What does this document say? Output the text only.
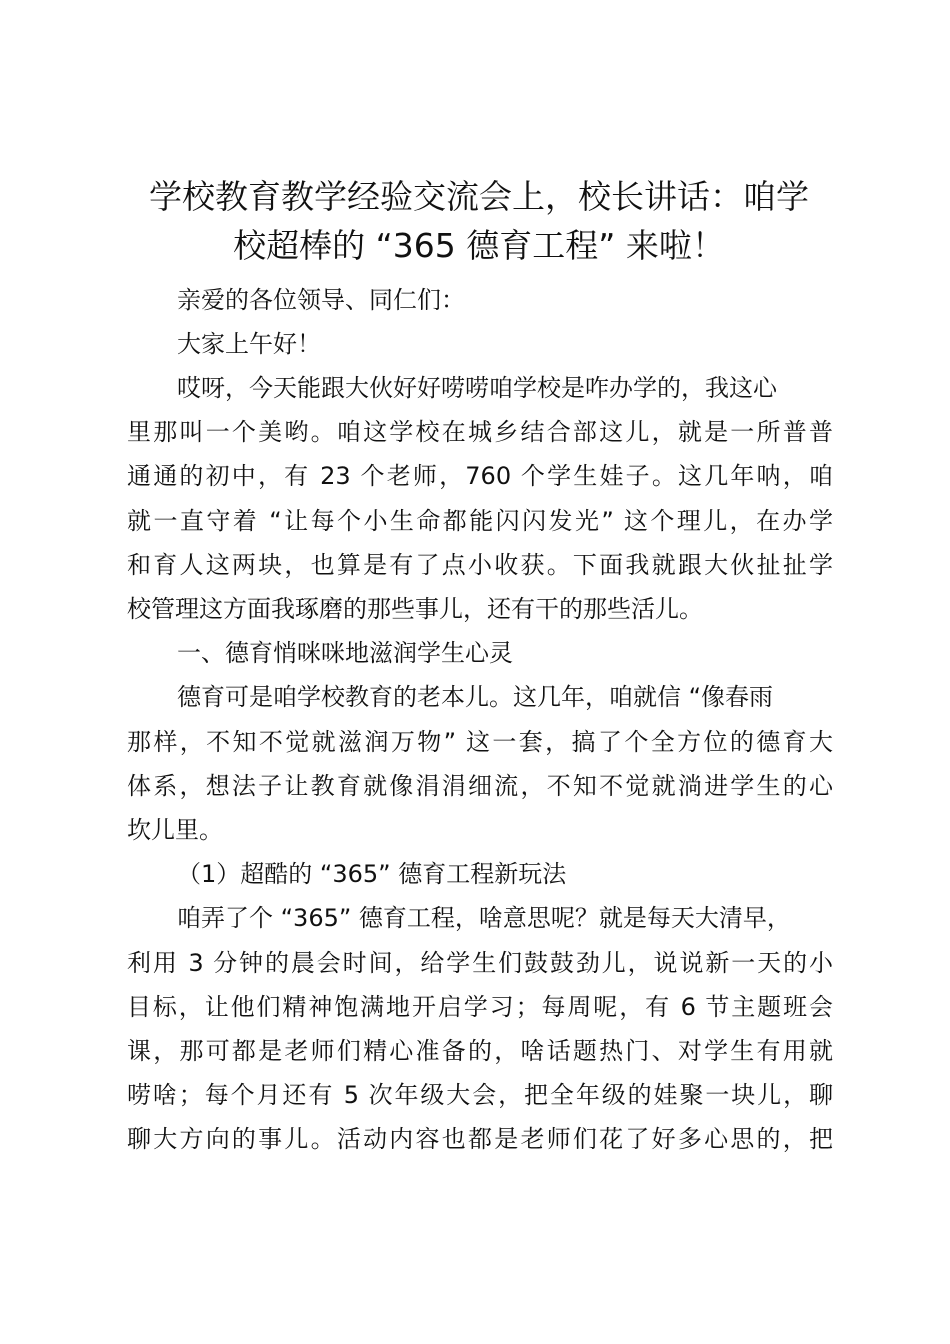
学校教育教学经验交流会上，校长讲话：咱学
校超棒的 “365 德育工程” 来啦！
亲爱的各位领导、同仁们：
大家上午好！
哎呀，今天能跟大伙好好唠唠咱学校是咋办学的，我这心
里那叫一个美哟。咱这学校在城乡结合部这儿，就是一所普普
通通的初中，有 23 个老师，760 个学生娃子。这几年呐，咱
就一直守着 “让每个小生命都能闪闪发光” 这个理儿，在办学
和育人这两块，也算是有了点小收获。下面我就跟大伙扯扯学
校管理这方面我琢磨的那些事儿，还有干的那些活儿。
一、德育悄咪咪地滋润学生心灵
德育可是咱学校教育的老本儿。这几年，咱就信 “像春雨
那样，不知不觉就滋润万物” 这一套，搞了个全方位的德育大
体系，想法子让教育就像涓涓细流，不知不觉就淌进学生的心
坎儿里。
（1）超酷的 “365” 德育工程新玩法
咱弄了个 “365” 德育工程，啥意思呢？就是每天大清早，
利用 3 分钟的晨会时间，给学生们鼓鼓劲儿，说说新一天的小
目标，让他们精神饱满地开启学习；每周呢，有 6 节主题班会
课，那可都是老师们精心准备的，啥话题热门、对学生有用就
唠啥；每个月还有 5 次年级大会，把全年级的娃聚一块儿，聊
聊大方向的事儿。活动内容也都是老师们花了好多心思的，把
